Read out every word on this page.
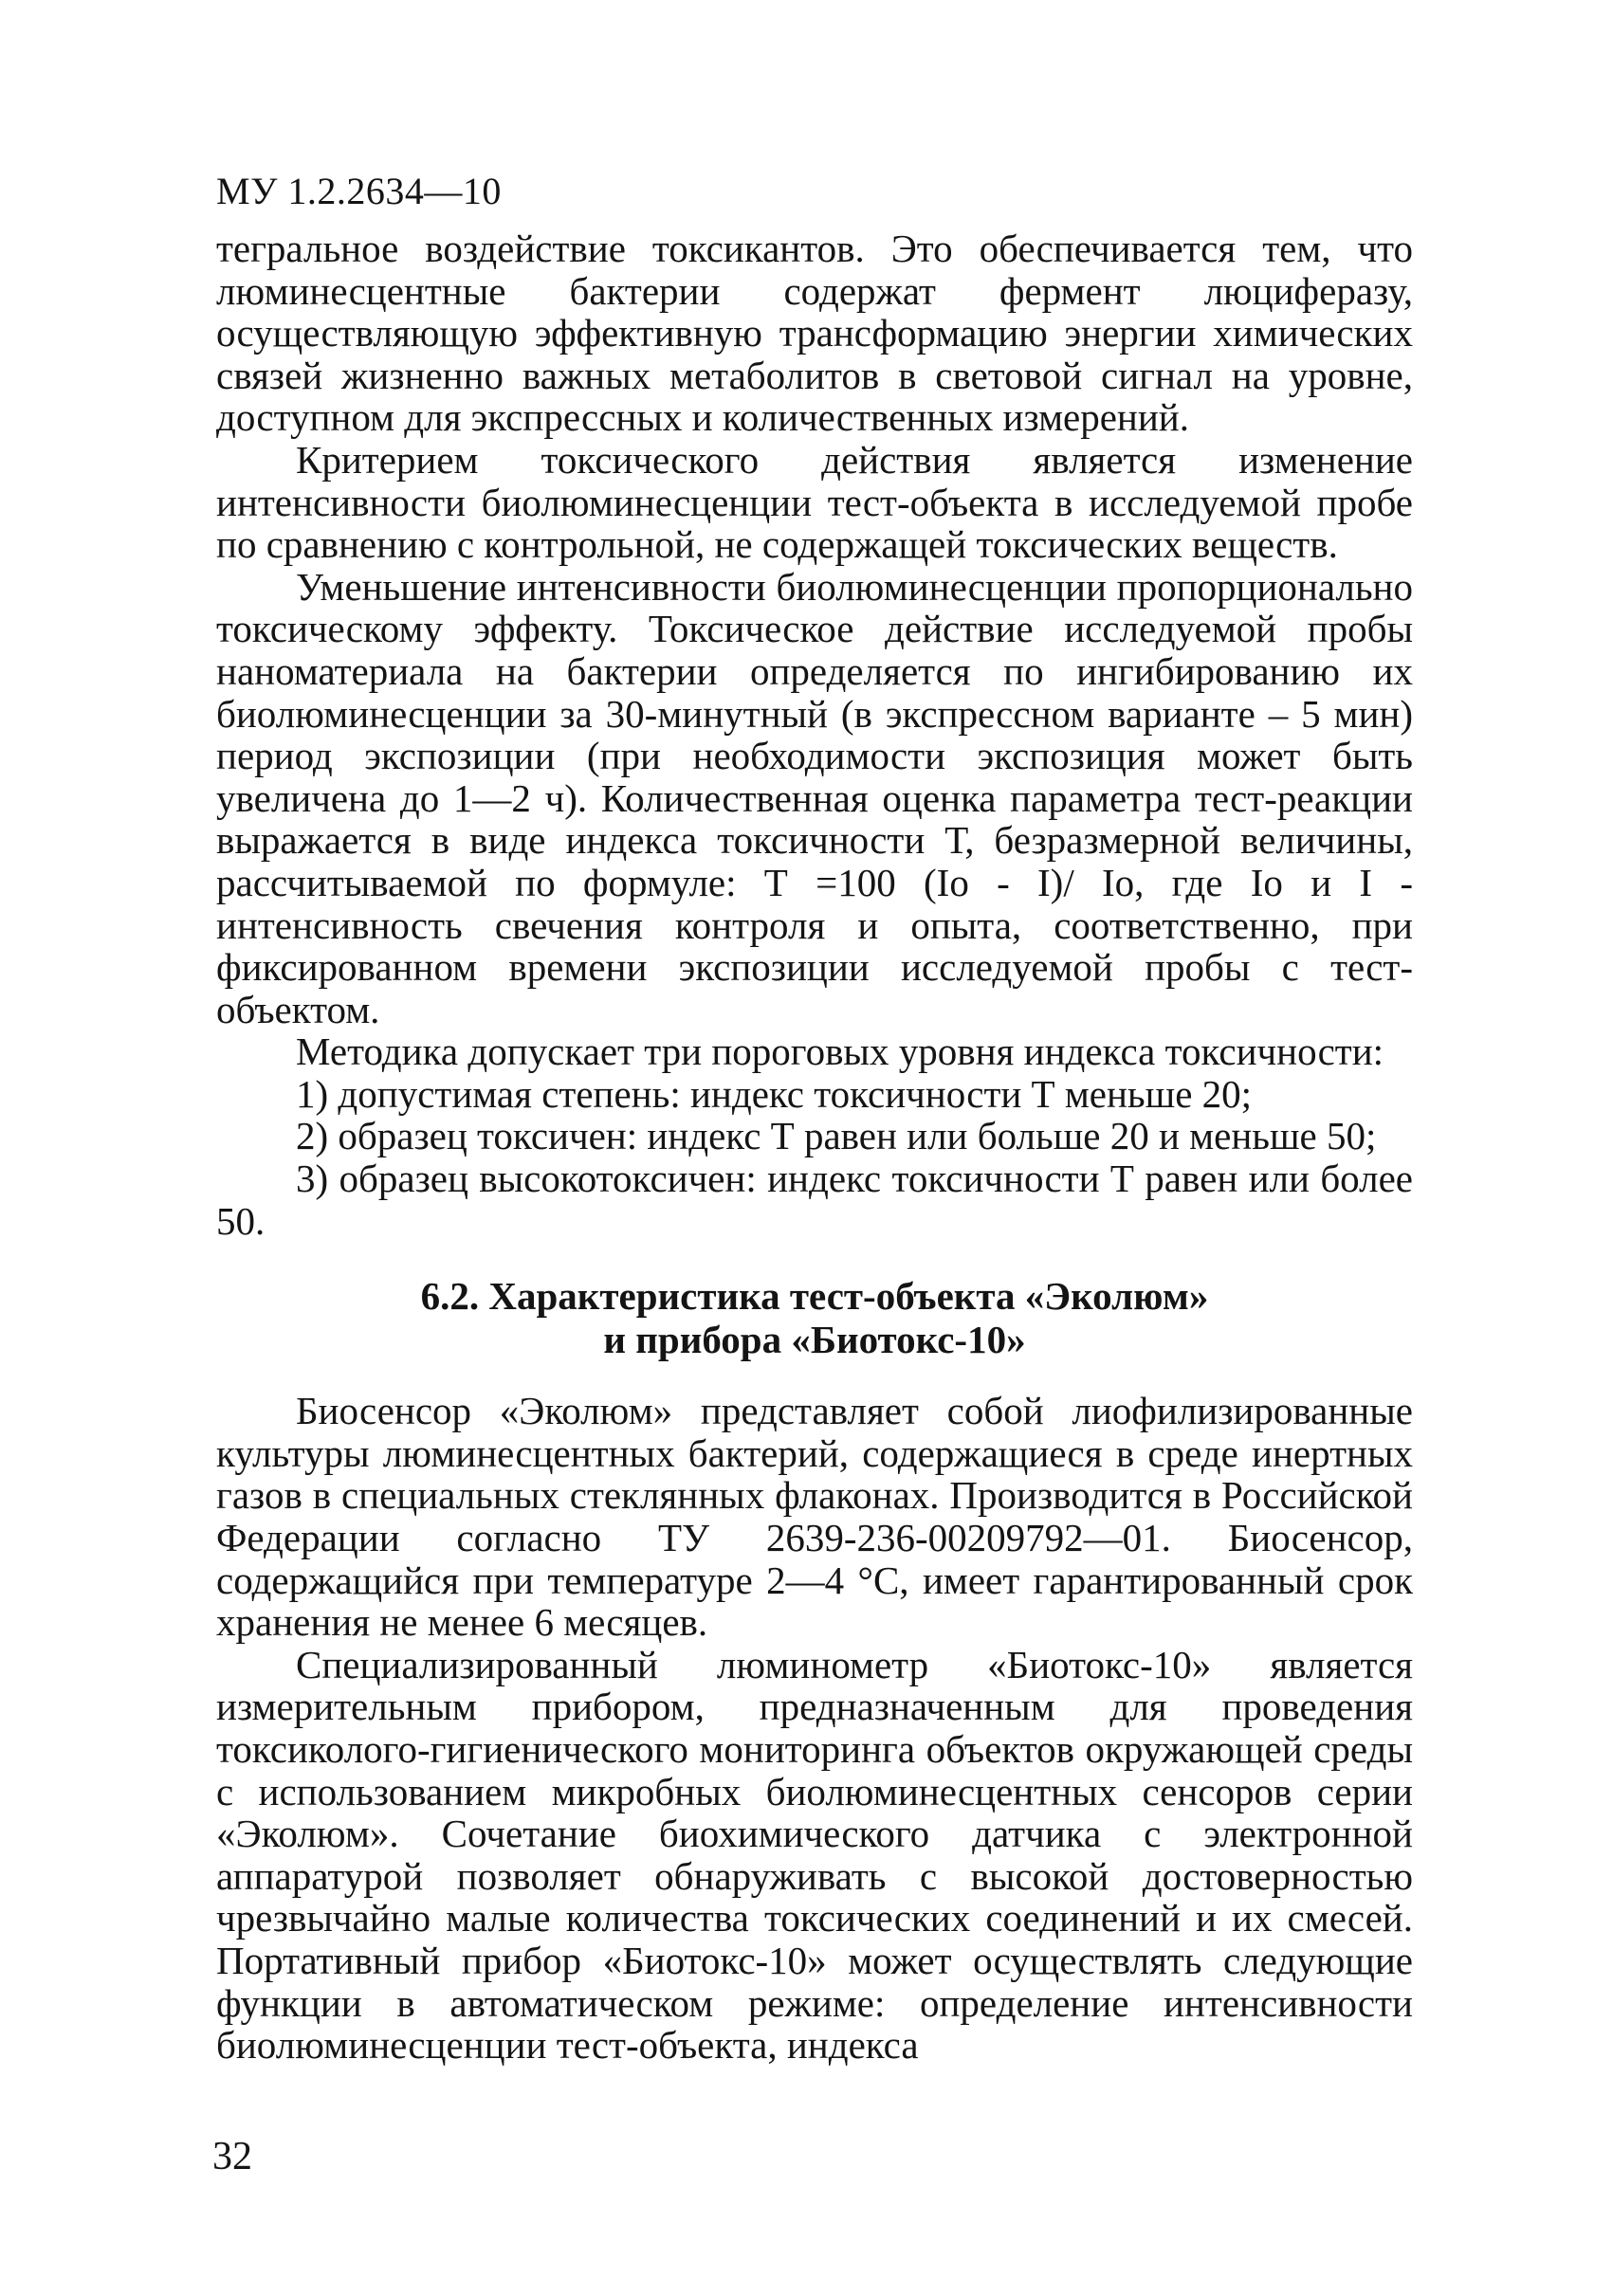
МУ 1.2.2634—10

тегральное воздействие токсикантов. Это обеспечивается тем, что люминесцентные бактерии содержат фермент люциферазу, осуществляющую эффективную трансформацию энергии химических связей жизненно важных метаболитов в световой сигнал на уровне, доступном для экспрессных и количественных измерений.

Критерием токсического действия является изменение интенсивности биолюминесценции тест-объекта в исследуемой пробе по сравнению с контрольной, не содержащей токсических веществ.

Уменьшение интенсивности биолюминесценции пропорционально токсическому эффекту. Токсическое действие исследуемой пробы наноматериала на бактерии определяется по ингибированию их биолюминесценции за 30-минутный (в экспрессном варианте – 5 мин) период экспозиции (при необходимости экспозиция может быть увеличена до 1—2 ч). Количественная оценка параметра тест-реакции выражается в виде индекса токсичности Т, безразмерной величины, рассчитываемой по формуле: Т =100 (Iо - I)/ Iо, где Iо и I - интенсивность свечения контроля и опыта, соответственно, при фиксированном времени экспозиции исследуемой пробы с тест-объектом.

Методика допускает три пороговых уровня индекса токсичности:

1) допустимая степень: индекс токсичности Т меньше 20;

2) образец токсичен: индекс Т равен или больше 20 и меньше 50;

3) образец высокотоксичен: индекс токсичности Т равен или более 50.

6.2. Характеристика тест-объекта «Эколюм»
и прибора «Биотокс-10»

Биосенсор «Эколюм» представляет собой лиофилизированные культуры люминесцентных бактерий, содержащиеся в среде инертных газов в специальных стеклянных флаконах. Производится в Российской Федерации согласно ТУ 2639-236-00209792—01. Биосенсор, содержащийся при температуре 2—4 °С, имеет гарантированный срок хранения не менее 6 месяцев.

Специализированный люминометр «Биотокс-10» является измерительным прибором, предназначенным для проведения токсиколого-гигиенического мониторинга объектов окружающей среды с использованием микробных биолюминесцентных сенсоров серии «Эколюм». Сочетание биохимического датчика с электронной аппаратурой позволяет обнаруживать с высокой достоверностью чрезвычайно малые количества токсических соединений и их смесей. Портативный прибор «Биотокс-10» может осуществлять следующие функции в автоматическом режиме: определение интенсивности биолюминесценции тест-объекта, индекса

32
